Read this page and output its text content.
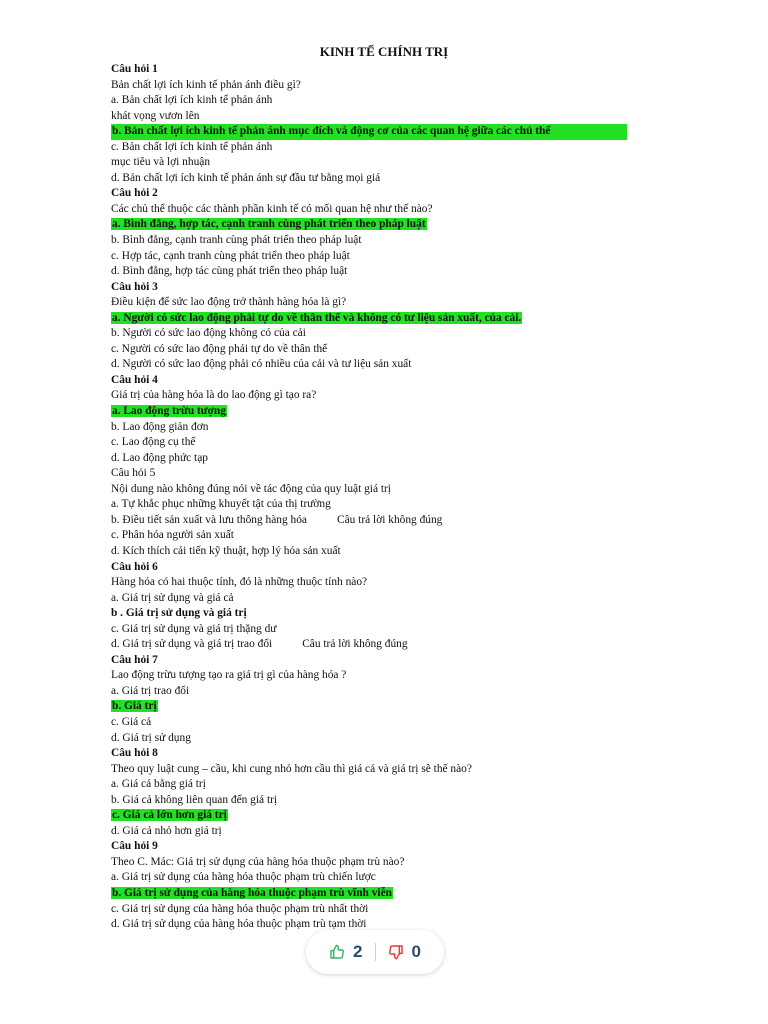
KINH TẾ CHÍNH TRỊ
Câu hỏi 1
Bản chất lợi ích kinh tế phản ánh điều gì?
a. Bản chất lợi ích kinh tế phản ánh
khát vọng vươn lên
b. Bản chất lợi ích kinh tế phản ánh mục đích và động cơ của các quan hệ giữa các chủ thể
c. Bản chất lợi ích kinh tế phản ánh
mục tiêu và lợi nhuận
d. Bản chất lợi ích kinh tế phản ánh sự đầu tư bằng mọi giá
Câu hỏi 2
Các chủ thể thuộc các thành phần kinh tế có mối quan hệ như thế nào?
a. Bình đẳng, hợp tác, cạnh tranh cùng phát triển theo pháp luật
b. Bình đẳng, cạnh tranh cùng phát triển theo pháp luật
c. Hợp tác, cạnh tranh cùng phát triển theo pháp luật
d. Bình đẳng, hợp tác cùng phát triển theo pháp luật
Câu hỏi 3
Điều kiện để sức lao động trở thành hàng hóa là gì?
a. Người có sức lao động phải tự do về thân thể và không có tư liệu sản xuất, của cải.
b. Người có sức lao động không có của cải
c. Người có sức lao động phải tự do về thân thể
d. Người có sức lao động phải có nhiều của cải và tư liệu sản xuất
Câu hỏi 4
Giá trị của hàng hóa là do lao động gì tạo ra?
a. Lao động trừu tượng
b. Lao động giản đơn
c. Lao động cụ thể
d. Lao động phức tạp
Câu hỏi 5
Nội dung nào không đúng nói về tác động của quy luật giá trị
a. Tự khắc phục những khuyết tật của thị trường
b. Điều tiết sản xuất và lưu thông hàng hóa	Câu trả lời không đúng
c. Phân hóa người sản xuất
d. Kích thích cải tiến kỹ thuật, hợp lý hóa sản xuất
Câu hỏi 6
Hàng hóa có hai thuộc tính, đó là những thuộc tính nào?
a. Giá trị sử dụng và giá cả
b . Giá trị sử dụng và giá trị
c. Giá trị sử dụng và giá trị thặng dư
d. Giá trị sử dụng và giá trị trao đổi	Câu trả lời không đúng
Câu hỏi 7
Lao động trừu tượng tạo ra giá trị gì của hàng hóa ?
a. Giá trị trao đổi
b. Giá trị
c. Giá cả
d. Giá trị sử dụng
Câu hỏi 8
Theo quy luật cung – cầu, khi cung nhỏ hơn cầu thì giá cả và giá trị sẽ thế nào?
a. Giá cả bằng giá trị
b. Giá cả không liên quan đến giá trị
c. Giá cả lớn hơn giá trị
d. Giá cả nhỏ hơn giá trị
Câu hỏi 9
Theo C. Mác: Giá trị sử dụng của hàng hóa thuộc phạm trù nào?
a. Giá trị sử dụng của hàng hóa thuộc phạm trù chiến lược
b. Giá trị sử dụng của hàng hóa thuộc phạm trù vĩnh viễn
c. Giá trị sử dụng của hàng hóa thuộc phạm trù nhất thời
d. Giá trị sử dụng của hàng hóa thuộc phạm trù tạm thời
2	0
